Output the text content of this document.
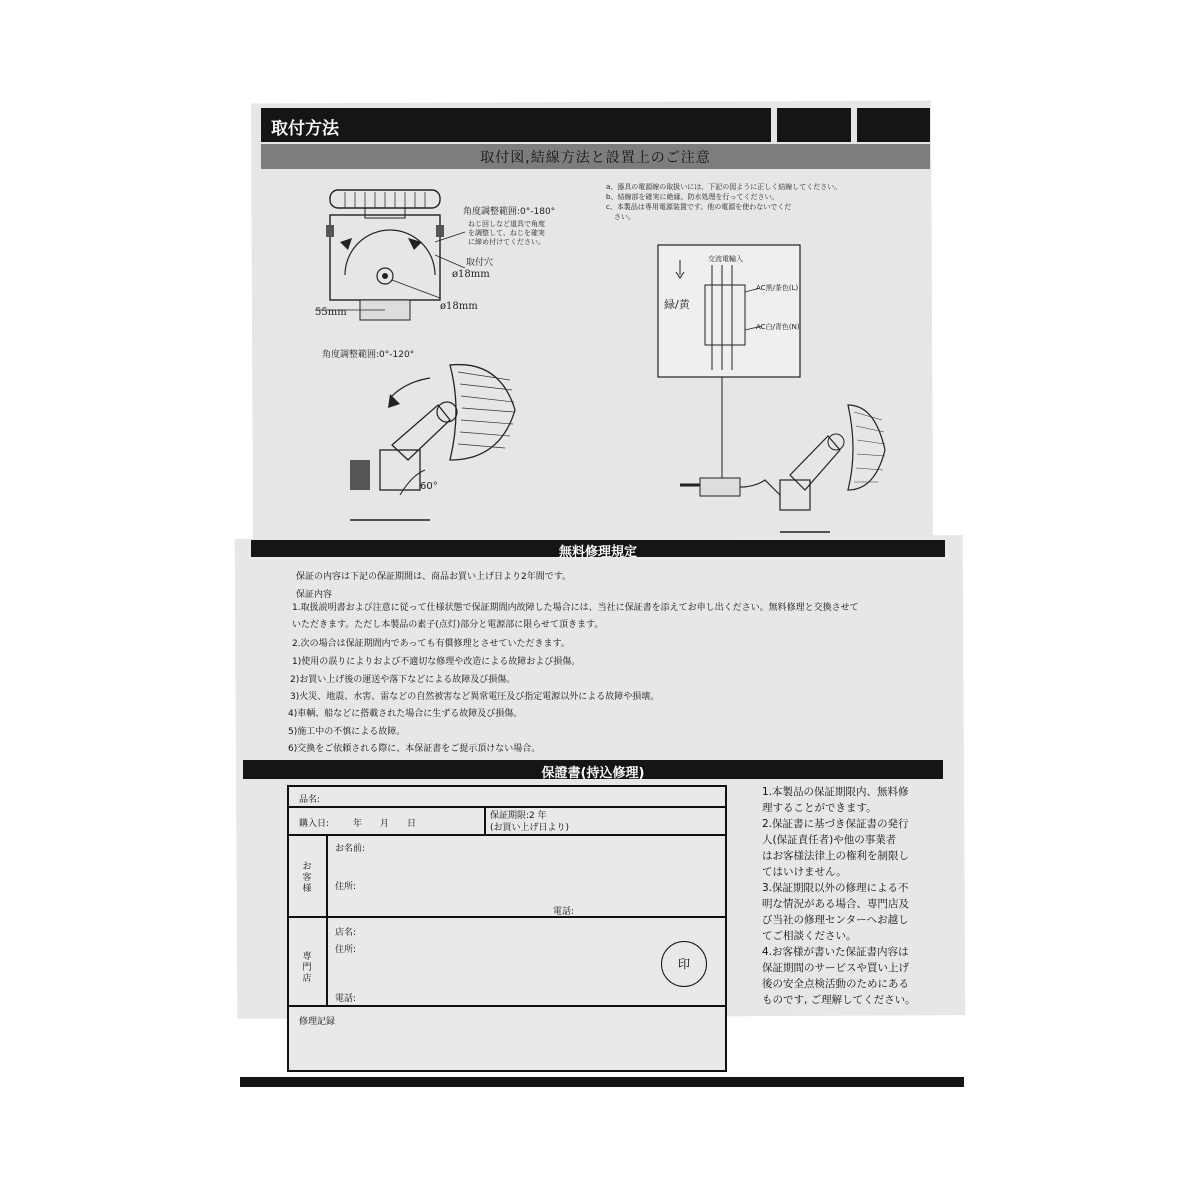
取付方法
取付図,結線方法と設置上のご注意
角度調整範囲:0°-180°
ねじ回しなど道具で角度
を調整して、ねじを確実
に締め付けてください。
取付穴
ø18mm
ø18mm
55mm
角度調整範囲:0°-120°
60°
a、器具の電源線の取扱いには、下記の図ように正しく結線してください。
b、結線部を確実に絶縁、防水処理を行ってください。
c、本製品は専用電源装置です。他の電源を使わないでくだ
さい。
交流電輸入
緑/黄
AC黒/茶色(L)
AC白/青色(N)
無料修理規定
保証の内容は下記の保証期間は、商品お買い上げ日より2年間です。
保証内容
1.取扱説明書および注意に従って仕様状態で保証期間内故障した場合には、当社に保証書を添えてお申し出ください。無料修理と交換させて
いただきます。ただし本製品の素子(点灯)部分と電源部に限らせて頂きます。
2.次の場合は保証期間内であっても有償修理とさせていただきます。
1)使用の誤りによりおよび不適切な修理や改造による故障および損傷。
2)お買い上げ後の運送や落下などによる故障及び損傷。
3)火災、地震、水害、雷などの自然被害など異常電圧及び指定電源以外による故障や損壊。
4)車輌、船などに搭載された場合に生ずる故障及び損傷。
5)施工中の不慎による故障。
6)交換をご依頼される際に、本保証書をご提示頂けない場合。
保證書(持込修理)
品名:
購入日:	年 月 日
保証期限:2 年
(お買い上げ日より)
お客様
お名前:
住所:
電話:
専門店
店名:
住所:
電話:
修理記録
印
1.本製品の保証期限内、無料修
理することができます。
2.保証書に基づき保証書の発行
人(保証責任者)や他の事業者
はお客様法律上の権利を制限し
てはいけません。
3.保証期限以外の修理による不
明な情況がある場合、専門店及
び当社の修理センターへお越し
てご相談ください。
4.お客様が書いた保証書内容は
保証期間のサービスや買い上げ
後の安全点検活動のためにある
ものです, ご理解してください。
